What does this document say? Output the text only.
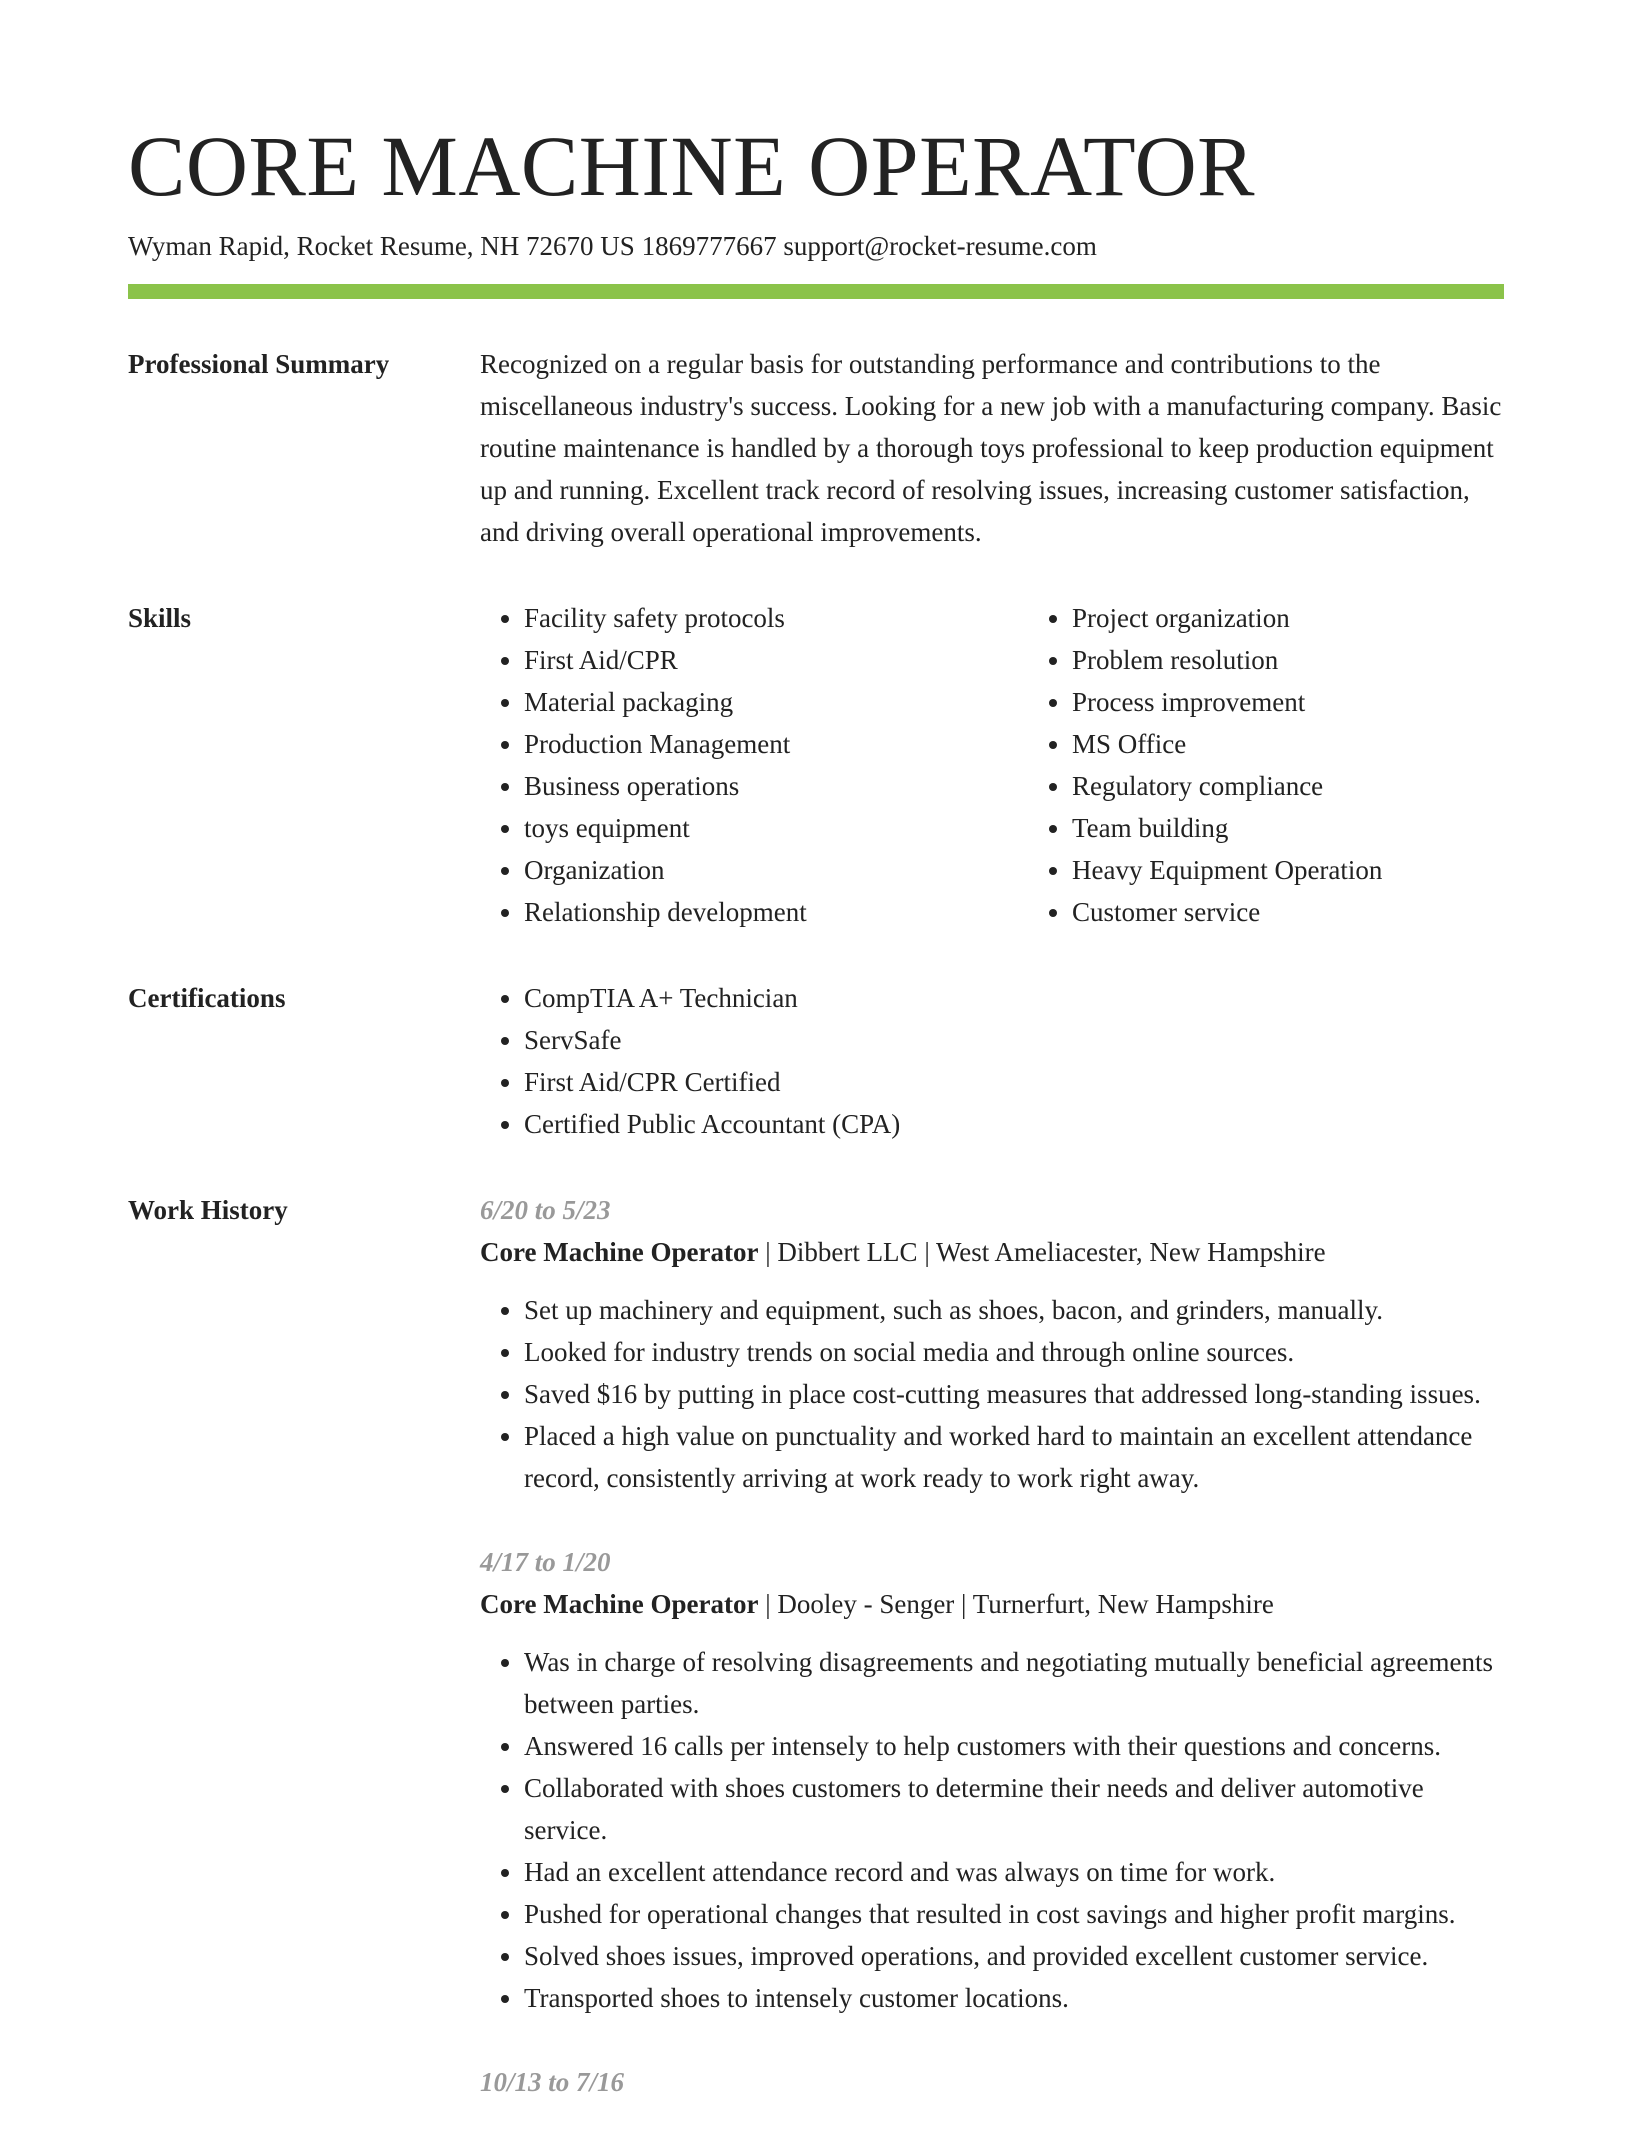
CORE MACHINE OPERATOR
Wyman Rapid, Rocket Resume, NH 72670 US 1869777667 support@rocket-resume.com
Professional Summary	Recognized on a regular basis for outstanding performance and contributions to the miscellaneous industry's success. Looking for a new job with a manufacturing company. Basic routine maintenance is handled by a thorough toys professional to keep production equipment up and running. Excellent track record of resolving issues, increasing customer satisfaction, and driving overall operational improvements.

Skills	• Facility safety protocols
• First Aid/CPR
• Material packaging
• Production Management
• Business operations
• toys equipment
• Organization
• Relationship development
• Project organization
• Problem resolution
• Process improvement
• MS Office
• Regulatory compliance
• Team building
• Heavy Equipment Operation
• Customer service
Certifications	• CompTIA A+ Technician
• ServSafe
• First Aid/CPR Certified
• Certified Public Accountant (CPA)
Work History	6/20 to 5/23
Core Machine Operator | Dibbert LLC | West Ameliacester, New Hampshire
• Set up machinery and equipment, such as shoes, bacon, and grinders, manually.
• Looked for industry trends on social media and through online sources.
• Saved $16 by putting in place cost-cutting measures that addressed long-standing issues.
• Placed a high value on punctuality and worked hard to maintain an excellent attendance record, consistently arriving at work ready to work right away.
4/17 to 1/20
Core Machine Operator | Dooley - Senger | Turnerfurt, New Hampshire
• Was in charge of resolving disagreements and negotiating mutually beneficial agreements between parties.
• Answered 16 calls per intensely to help customers with their questions and concerns.
• Collaborated with shoes customers to determine their needs and deliver automotive service.
• Had an excellent attendance record and was always on time for work.
• Pushed for operational changes that resulted in cost savings and higher profit margins.
• Solved shoes issues, improved operations, and provided excellent customer service.
• Transported shoes to intensely customer locations.
10/13 to 7/16
